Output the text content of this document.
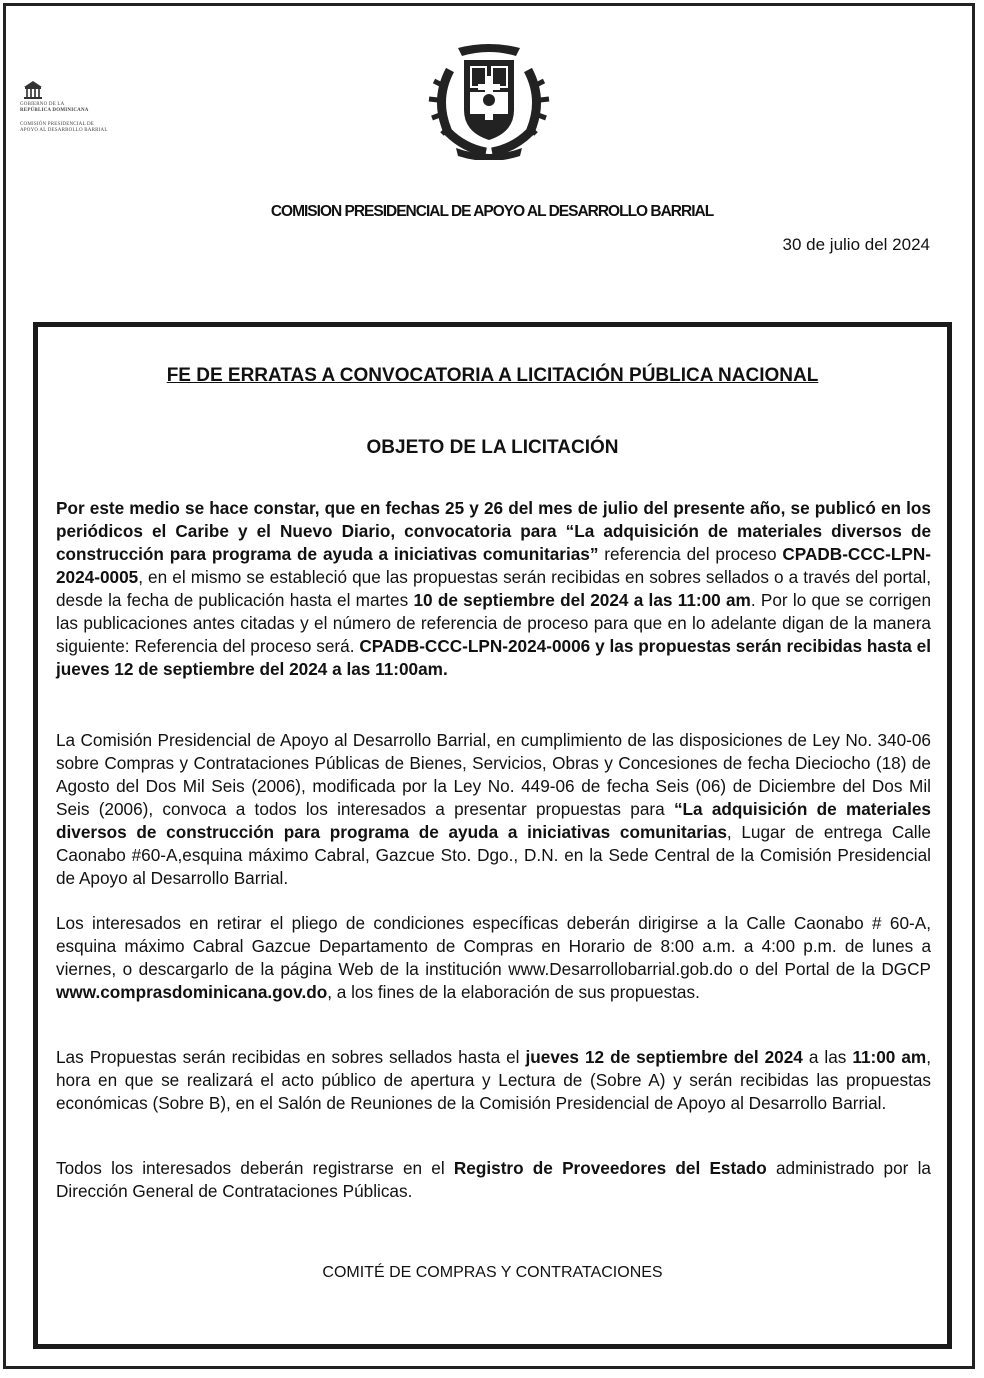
GOBIERNO DE LA
REPÚBLICA DOMINICANA
COMISIÓN PRESIDENCIAL DE
APOYO AL DESARROLLO BARRIAL
COMISION PRESIDENCIAL DE APOYO AL DESARROLLO BARRIAL
30 de julio del 2024
FE DE ERRATAS A CONVOCATORIA A LICITACIÓN PÚBLICA NACIONAL
OBJETO DE LA LICITACIÓN

Por este medio se hace constar, que en fechas 25 y 26 del mes de julio del presente año, se publicó en los periódicos el Caribe y el Nuevo Diario, convocatoria para “La adquisición de materiales diversos de construcción para programa de ayuda a iniciativas comunitarias” referencia del proceso CPADB-CCC-LPN-2024-0005, en el mismo se estableció que las propuestas serán recibidas en sobres sellados o a través del portal, desde la fecha de publicación hasta el martes 10 de septiembre del 2024 a las 11:00 am. Por lo que se corrigen las publicaciones antes citadas y el número de referencia de proceso para que en lo adelante digan de la manera siguiente: Referencia del proceso será. CPADB-CCC-LPN-2024-0006 y las propuestas serán recibidas hasta el jueves 12 de septiembre del 2024 a las 11:00am.

La Comisión Presidencial de Apoyo al Desarrollo Barrial, en cumplimiento de las disposiciones de Ley No. 340-06 sobre Compras y Contrataciones Públicas de Bienes, Servicios, Obras y Concesiones de fecha Dieciocho (18) de Agosto del Dos Mil Seis (2006), modificada por la Ley No. 449-06 de fecha Seis (06) de Diciembre del Dos Mil Seis (2006), convoca a todos los interesados a presentar propuestas para “La adquisición de materiales diversos de construcción para programa de ayuda a iniciativas comunitarias, Lugar de entrega Calle Caonabo #60-A,esquina máximo Cabral, Gazcue Sto. Dgo., D.N. en la Sede Central de la Comisión Presidencial de Apoyo al Desarrollo Barrial.

Los interesados en retirar el pliego de condiciones específicas deberán dirigirse a la Calle Caonabo # 60-A, esquina máximo Cabral Gazcue Departamento de Compras en Horario de 8:00 a.m. a 4:00 p.m. de lunes a viernes, o descargarlo de la página Web de la institución www.Desarrollobarrial.gob.do o del Portal de la DGCP www.comprasdominicana.gov.do, a los fines de la elaboración de sus propuestas.

Las Propuestas serán recibidas en sobres sellados hasta el jueves 12 de septiembre del 2024 a las 11:00 am, hora en que se realizará el acto público de apertura y Lectura de (Sobre A) y serán recibidas las propuestas económicas (Sobre B), en el Salón de Reuniones de la Comisión Presidencial de Apoyo al Desarrollo Barrial.

Todos los interesados deberán registrarse en el Registro de Proveedores del Estado administrado por la Dirección General de Contrataciones Públicas.

COMITÉ DE COMPRAS Y CONTRATACIONES
